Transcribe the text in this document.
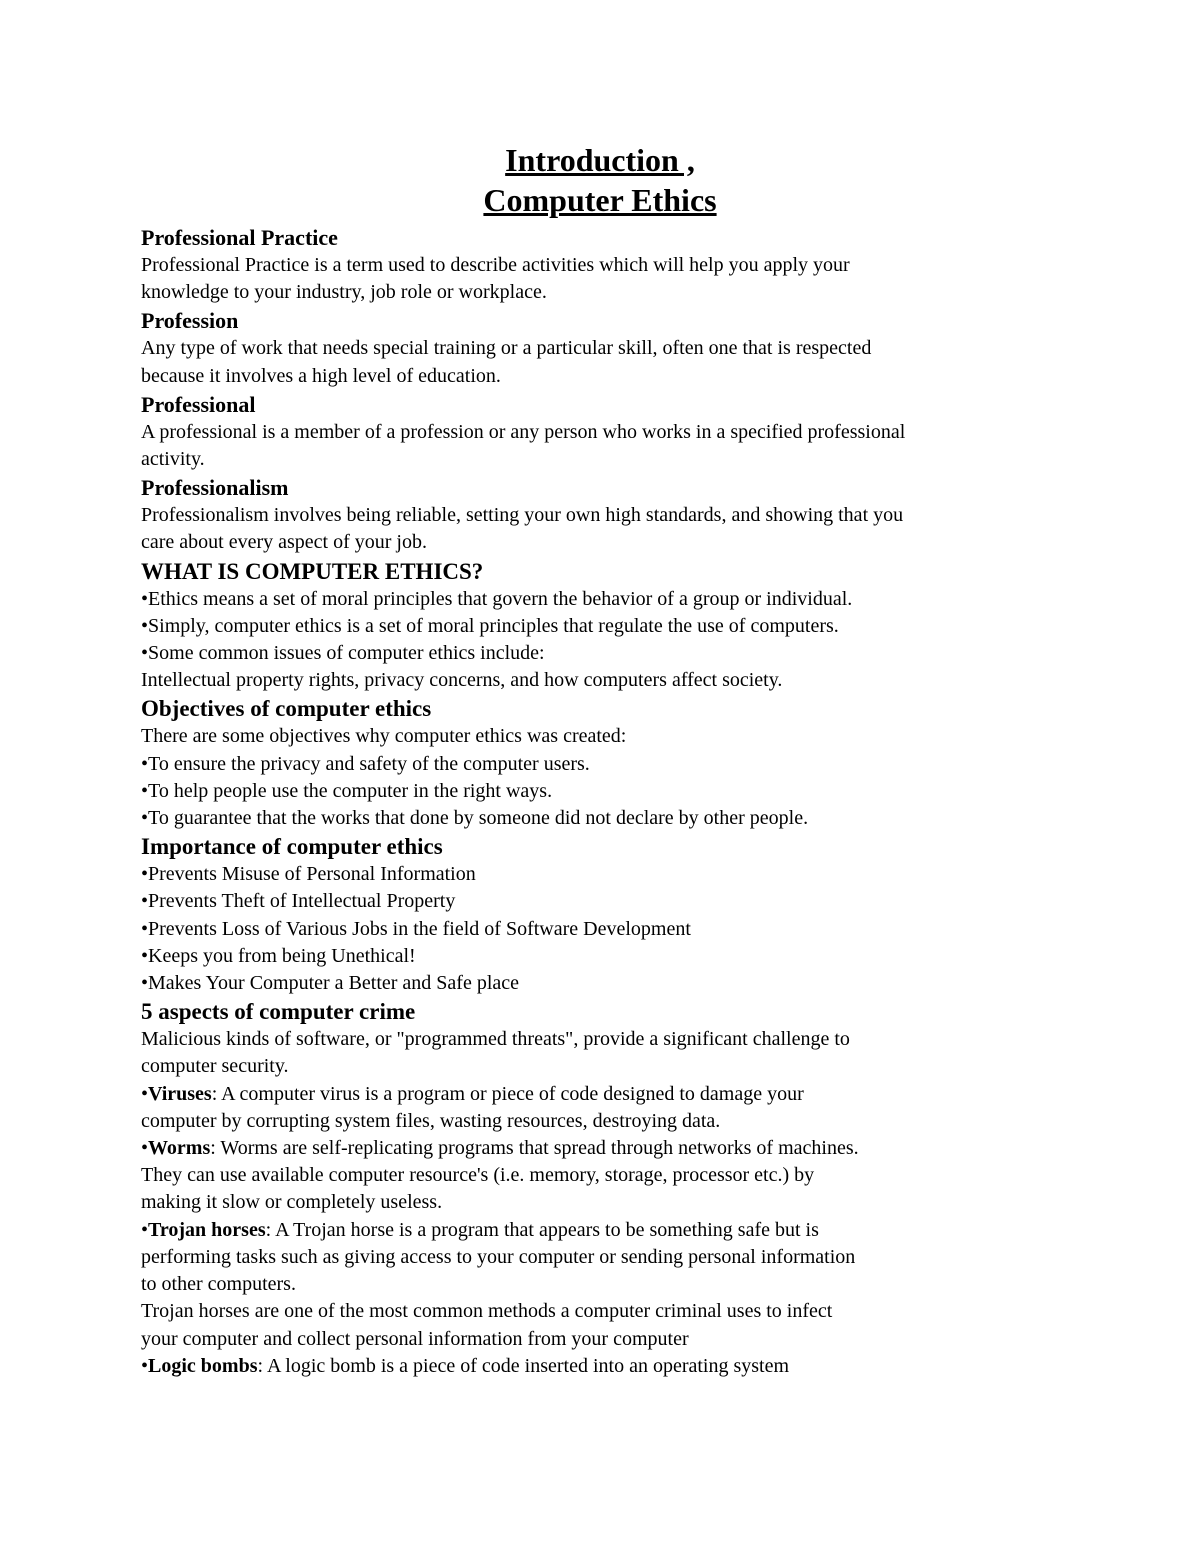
Introduction ,

Computer Ethics

Professional Practice

Professional Practice is a term used to describe activities which will help you apply your

knowledge to your industry, job role or workplace.

Profession

Any type of work that needs special training or a particular skill, often one that is respected

because it involves a high level of education.

Professional

A professional is a member of a profession or any person who works in a specified professional

activity.

Professionalism

Professionalism involves being reliable, setting your own high standards, and showing that you

care about every aspect of your job.

WHAT IS COMPUTER ETHICS?

• Ethics means a set of moral principles that govern the behavior of a group or individual.

• Simply, computer ethics is a set of moral principles that regulate the use of computers.

• Some common issues of computer ethics include:

Intellectual property rights, privacy concerns, and how computers affect society.

Objectives of computer ethics

There are some objectives why computer ethics was created:

• To ensure the privacy and safety of the computer users.

• To help people use the computer in the right ways.

• To guarantee that the works that done by someone did not declare by other people.

Importance of computer ethics

• Prevents Misuse of Personal Information

• Prevents Theft of Intellectual Property

• Prevents Loss of Various Jobs in the field of Software Development

• Keeps you from being Unethical!

• Makes Your Computer a Better and Safe place

5 aspects of computer crime

Malicious kinds of software, or "programmed threats", provide a significant challenge to

computer security.

• Viruses: A computer virus is a program or piece of code designed to damage your

computer by corrupting system files, wasting resources, destroying data.

• Worms: Worms are self-replicating programs that spread through networks of machines.

They can use available computer resource's (i.e. memory, storage, processor etc.) by

making it slow or completely useless.

• Trojan horses: A Trojan horse is a program that appears to be something safe but is

performing tasks such as giving access to your computer or sending personal information

to other computers.

Trojan horses are one of the most common methods a computer criminal uses to infect

your computer and collect personal information from your computer

• Logic bombs: A logic bomb is a piece of code inserted into an operating system
